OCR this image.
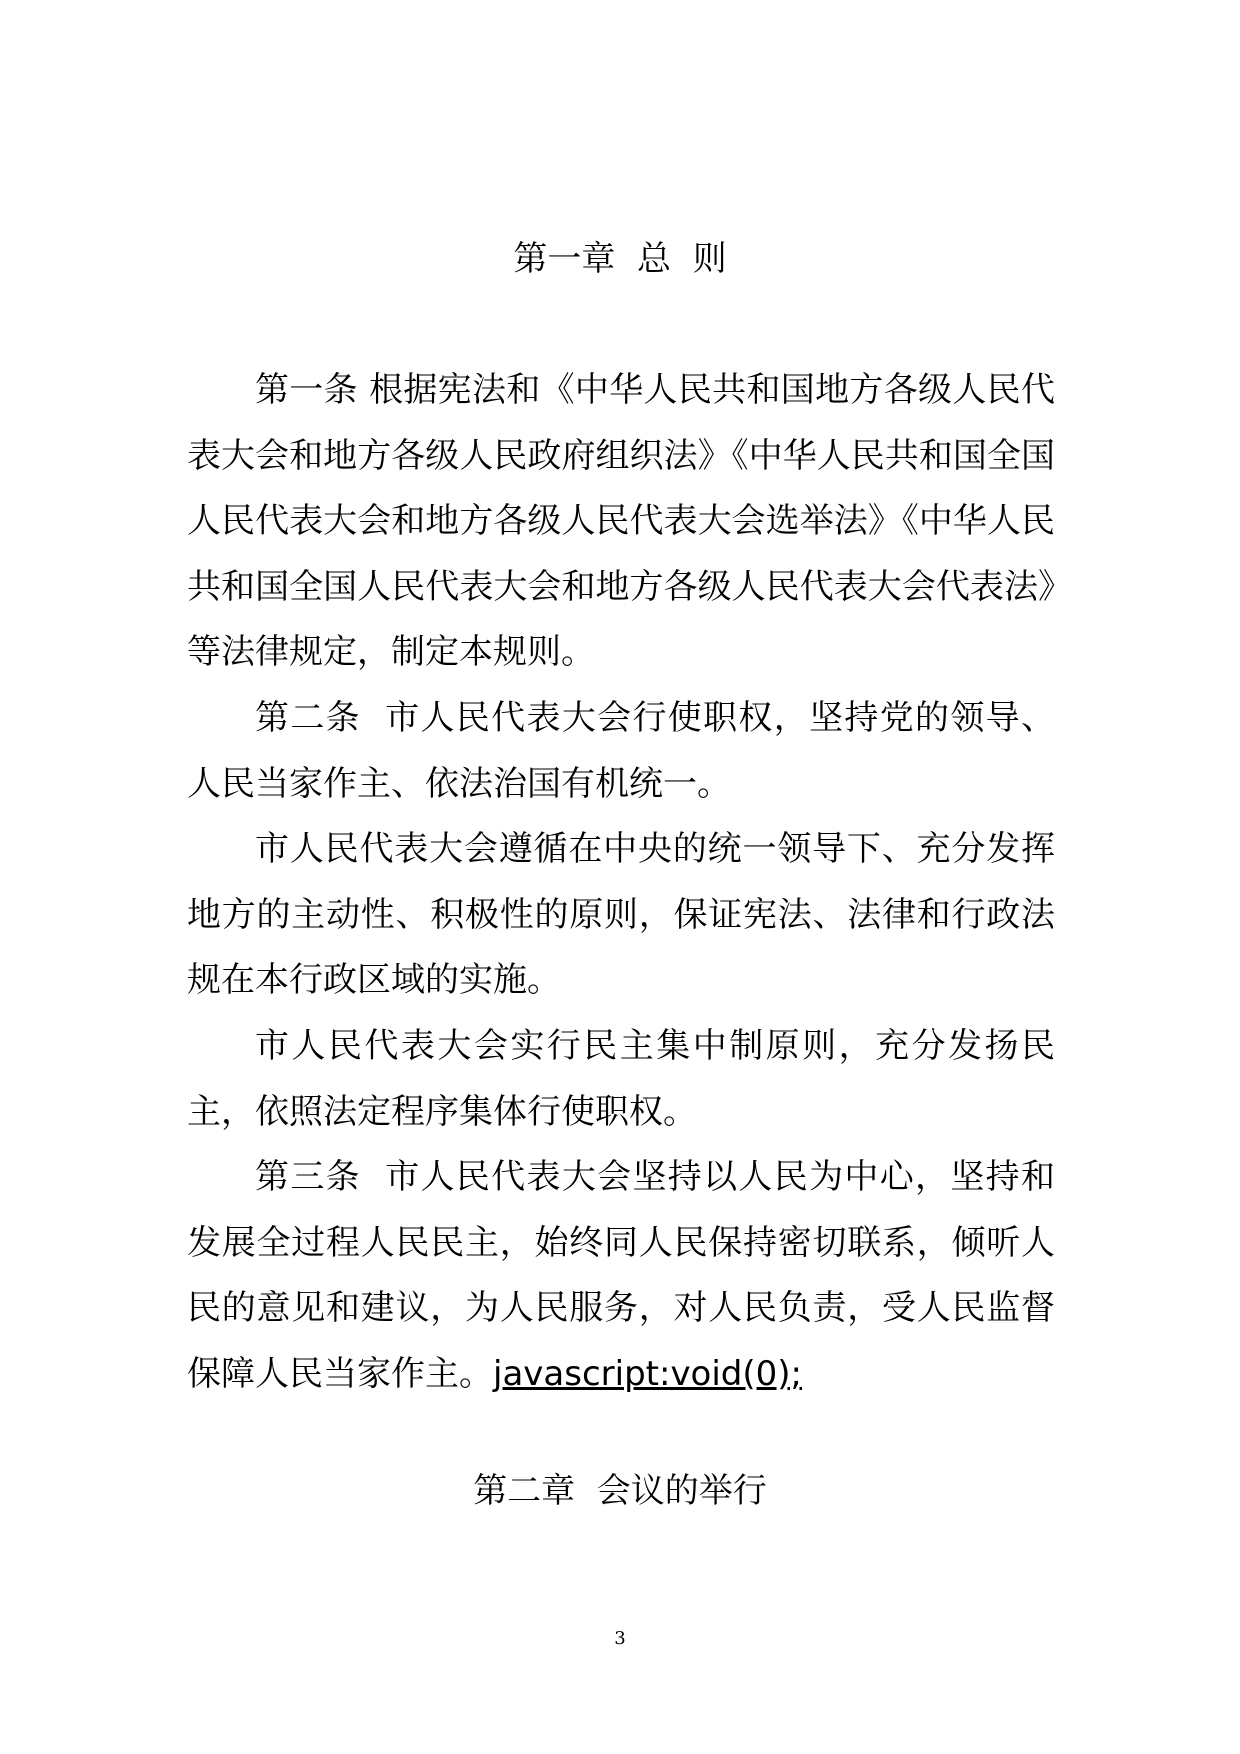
第一章  总  则

第一条 根据宪法和《中华人民共和国地方各级人民代表大会和地方各级人民政府组织法》《中华人民共和国全国人民代表大会和地方各级人民代表大会选举法》《中华人民共和国全国人民代表大会和地方各级人民代表大会代表法》等法律规定，制定本规则。

第二条  市人民代表大会行使职权，坚持党的领导、人民当家作主、依法治国有机统一。

市人民代表大会遵循在中央的统一领导下、充分发挥地方的主动性、积极性的原则，保证宪法、法律和行政法规在本行政区域的实施。

市人民代表大会实行民主集中制原则，充分发扬民主，依照法定程序集体行使职权。

第三条  市人民代表大会坚持以人民为中心，坚持和发展全过程人民民主，始终同人民保持密切联系，倾听人民的意见和建议，为人民服务，对人民负责，受人民监督保障人民当家作主。javascript:void(0);

第二章  会议的举行
3
